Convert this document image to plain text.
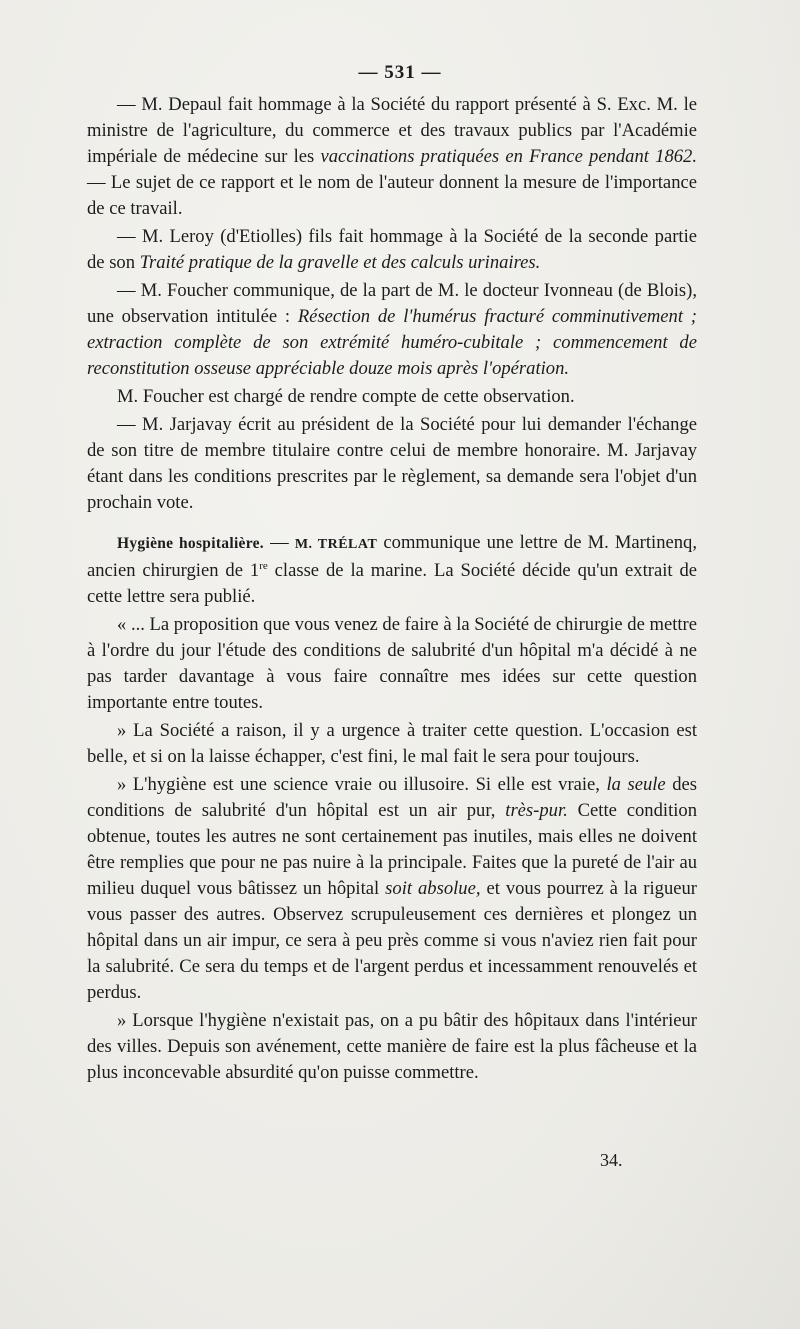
— 531 —

— M. Depaul fait hommage à la Société du rapport présenté à S. Exc. M. le ministre de l'agriculture, du commerce et des travaux publics par l'Académie impériale de médecine sur les vaccinations pratiquées en France pendant 1862. — Le sujet de ce rapport et le nom de l'auteur donnent la mesure de l'importance de ce travail.

— M. Leroy (d'Etiolles) fils fait hommage à la Société de la seconde partie de son Traité pratique de la gravelle et des calculs urinaires.

— M. Foucher communique, de la part de M. le docteur Ivonneau (de Blois), une observation intitulée : Résection de l'humérus fracturé comminutivement ; extraction complète de son extrémité huméro-cubitale ; commencement de reconstitution osseuse appréciable douze mois après l'opération.

M. Foucher est chargé de rendre compte de cette observation.

— M. Jarjavay écrit au président de la Société pour lui demander l'échange de son titre de membre titulaire contre celui de membre honoraire. M. Jarjavay étant dans les conditions prescrites par le règlement, sa demande sera l'objet d'un prochain vote.

Hygiène hospitalière. — M. TRÉLAT communique une lettre de M. Martinenq, ancien chirurgien de 1re classe de la marine. La Société décide qu'un extrait de cette lettre sera publié.

« ... La proposition que vous venez de faire à la Société de chirurgie de mettre à l'ordre du jour l'étude des conditions de salubrité d'un hôpital m'a décidé à ne pas tarder davantage à vous faire connaître mes idées sur cette question importante entre toutes.

» La Société a raison, il y a urgence à traiter cette question. L'occasion est belle, et si on la laisse échapper, c'est fini, le mal fait le sera pour toujours.

» L'hygiène est une science vraie ou illusoire. Si elle est vraie, la seule des conditions de salubrité d'un hôpital est un air pur, très-pur. Cette condition obtenue, toutes les autres ne sont certainement pas inutiles, mais elles ne doivent être remplies que pour ne pas nuire à la principale. Faites que la pureté de l'air au milieu duquel vous bâtissez un hôpital soit absolue, et vous pourrez à la rigueur vous passer des autres. Observez scrupuleusement ces dernières et plongez un hôpital dans un air impur, ce sera à peu près comme si vous n'aviez rien fait pour la salubrité. Ce sera du temps et de l'argent perdus et incessamment renouvelés et perdus.

» Lorsque l'hygiène n'existait pas, on a pu bâtir des hôpitaux dans l'intérieur des villes. Depuis son avénement, cette manière de faire est la plus fâcheuse et la plus inconcevable absurdité qu'on puisse commettre.

34.
